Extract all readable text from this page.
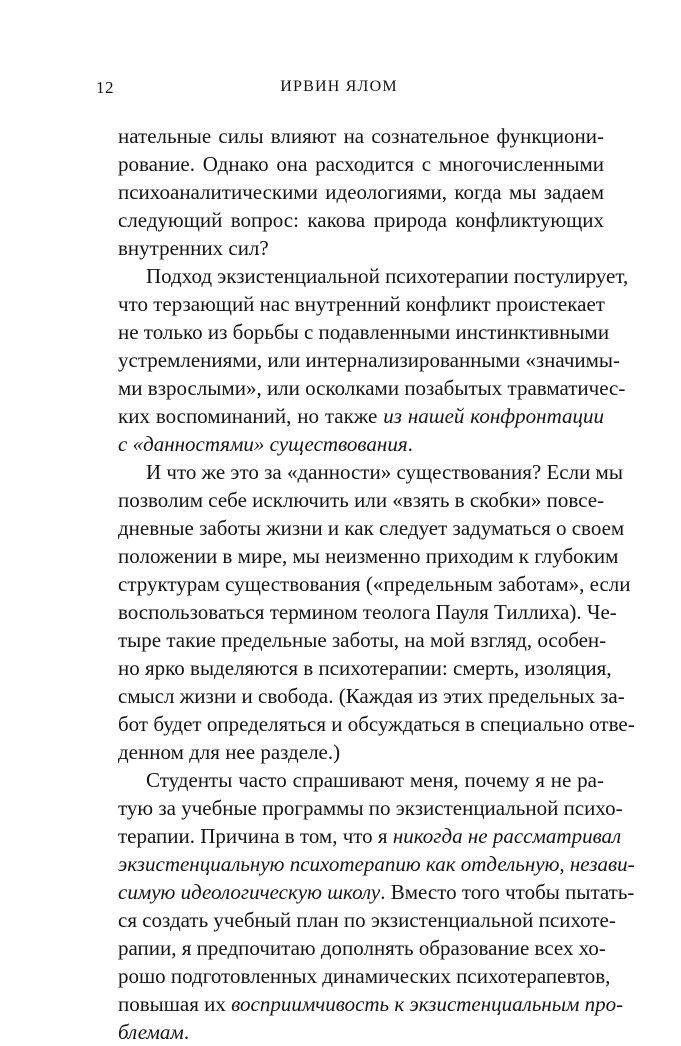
12	ИРВИН ЯЛОМ
нательные силы влияют на сознательное функциони-
рование. Однако она расходится с многочисленными
психоаналитическими идеологиями, когда мы задаем
следующий вопрос: какова природа конфликтующих
внутренних сил?
Подход экзистенциальной психотерапии постулирует,
что терзающий нас внутренний конфликт проистекает
не только из борьбы с подавленными инстинктивными
устремлениями, или интернализированными «значимы-
ми взрослыми», или осколками позабытых травматичес-
ких воспоминаний, но также из нашей конфронтации
с «данностями» существования.
И что же это за «данности» существования? Если мы
позволим себе исключить или «взять в скобки» повсе-
дневные заботы жизни и как следует задуматься о своем
положении в мире, мы неизменно приходим к глубоким
структурам существования («предельным заботам», если
воспользоваться термином теолога Пауля Тиллиха). Че-
тыре такие предельные заботы, на мой взгляд, особен-
но ярко выделяются в психотерапии: смерть, изоляция,
смысл жизни и свобода. (Каждая из этих предельных за-
бот будет определяться и обсуждаться в специально отве-
денном для нее разделе.)
Студенты часто спрашивают меня, почему я не ра-
тую за учебные программы по экзистенциальной психо-
терапии. Причина в том, что я никогда не рассматривал
экзистенциальную психотерапию как отдельную, незави-
симую идеологическую школу. Вместо того чтобы пытать-
ся создать учебный план по экзистенциальной психоте-
рапии, я предпочитаю дополнять образование всех хо-
рошо подготовленных динамических психотерапевтов,
повышая их восприимчивость к экзистенциальным про-
блемам.
